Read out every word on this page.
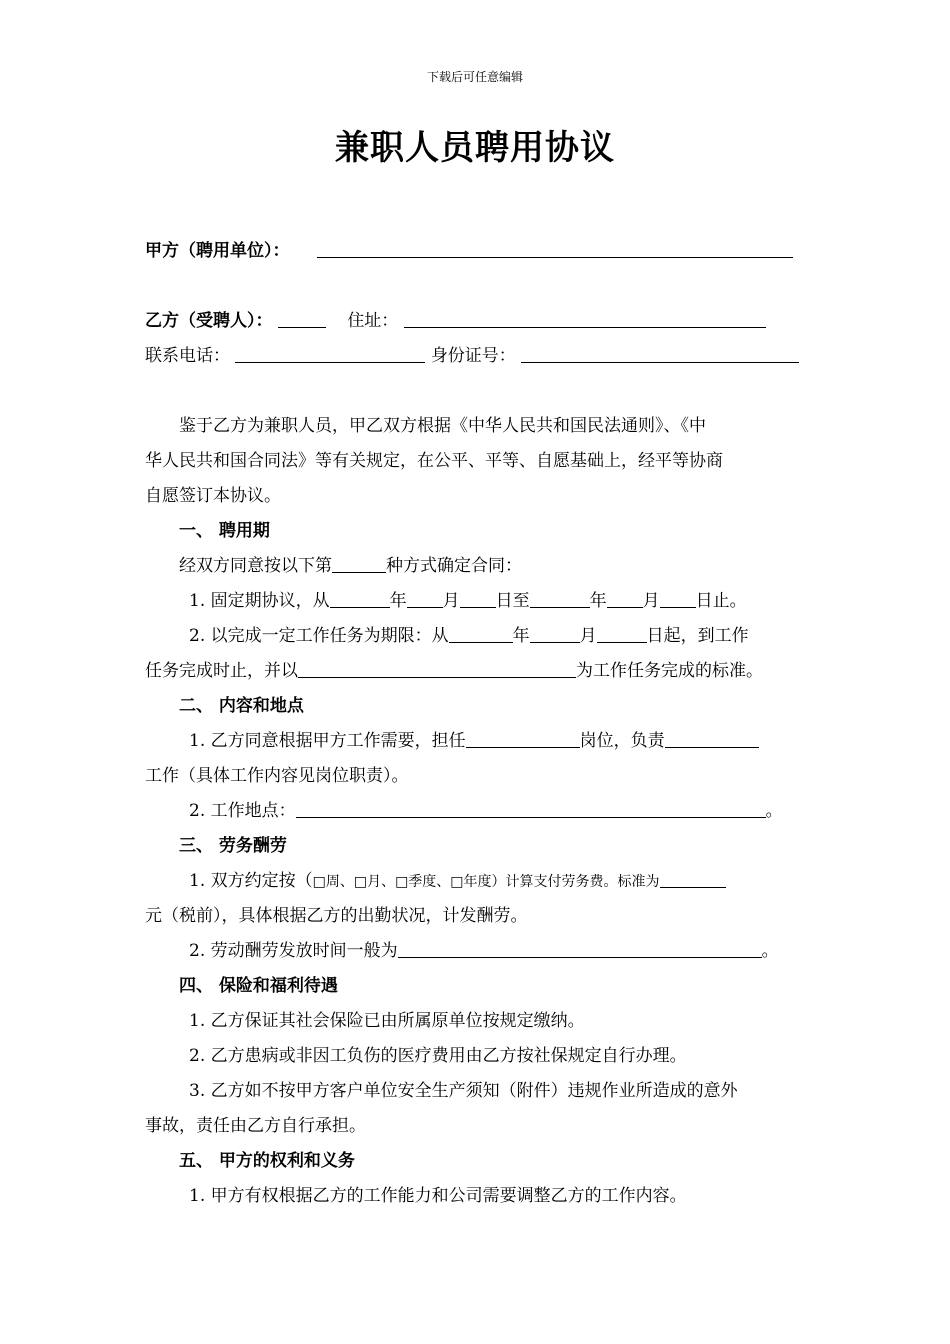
下载后可任意编辑
兼职人员聘用协议
甲方（聘用单位）：
乙方（受聘人）：	住址：
联系电话：	身份证号：
鉴于乙方为兼职人员，甲乙双方根据《中华人民共和国民法通则》、《中
华人民共和国合同法》等有关规定，在公平、平等、自愿基础上，经平等协商
自愿签订本协议。
一、 聘用期
经双方同意按以下第	种方式确定合同：
1. 固定期协议，从	年 月 日至	年 月 日止。
2. 以完成一定工作任务为期限：从	年	月	日起，到工作
任务完成时止，并以	为工作任务完成的标准。
二、 内容和地点
1. 乙方同意根据甲方工作需要，担任	岗位，负责
工作（具体工作内容见岗位职责）。
2. 工作地点：	。
三、 劳务酬劳
1. 双方约定按（□周、□月、□季度、□年度）计算支付劳务费。标准为
元（税前），具体根据乙方的出勤状况，计发酬劳。
2. 劳动酬劳发放时间一般为	。
四、 保险和福利待遇
1. 乙方保证其社会保险已由所属原单位按规定缴纳。
2. 乙方患病或非因工负伤的医疗费用由乙方按社保规定自行办理。
3. 乙方如不按甲方客户单位安全生产须知（附件）违规作业所造成的意外
事故，责任由乙方自行承担。
五、 甲方的权利和义务
1. 甲方有权根据乙方的工作能力和公司需要调整乙方的工作内容。
